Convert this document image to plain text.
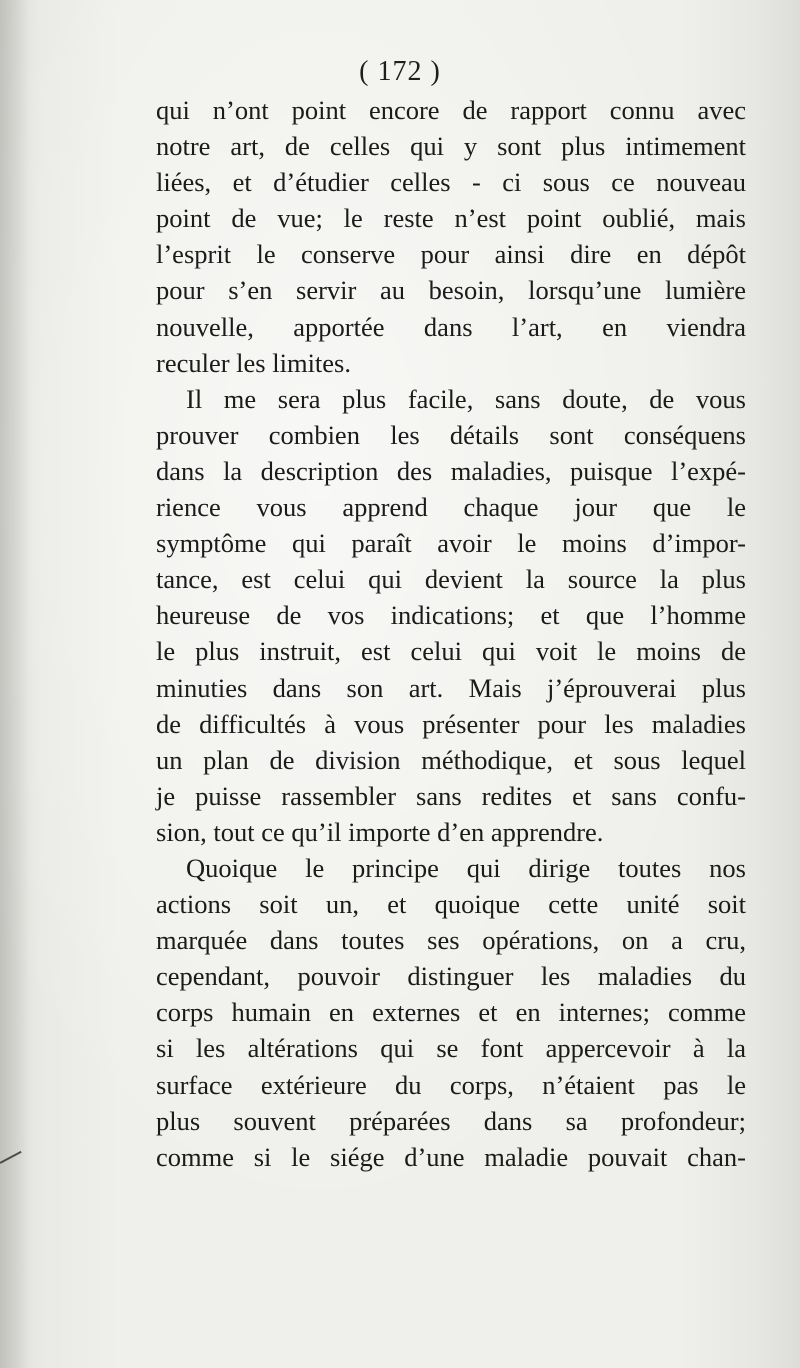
( 172 )
qui n’ont point encore de rapport connu avec
notre art, de celles qui y sont plus intimement
liées, et d’étudier celles - ci sous ce nouveau
point de vue; le reste n’est point oublié, mais
l’esprit le conserve pour ainsi dire en dépôt
pour s’en servir au besoin, lorsqu’une lumière
nouvelle, apportée dans l’art, en viendra
reculer les limites.
Il me sera plus facile, sans doute, de vous
prouver combien les détails sont conséquens
dans la description des maladies, puisque l’expé-
rience vous apprend chaque jour que le
symptôme qui paraît avoir le moins d’impor-
tance, est celui qui devient la source la plus
heureuse de vos indications; et que l’homme
le plus instruit, est celui qui voit le moins de
minuties dans son art. Mais j’éprouverai plus
de difficultés à vous présenter pour les maladies
un plan de division méthodique, et sous lequel
je puisse rassembler sans redites et sans confu-
sion, tout ce qu’il importe d’en apprendre.
Quoique le principe qui dirige toutes nos
actions soit un, et quoique cette unité soit
marquée dans toutes ses opérations, on a cru,
cependant, pouvoir distinguer les maladies du
corps humain en externes et en internes; comme
si les altérations qui se font appercevoir à la
surface extérieure du corps, n’étaient pas le
plus souvent préparées dans sa profondeur;
comme si le siége d’une maladie pouvait chan-
